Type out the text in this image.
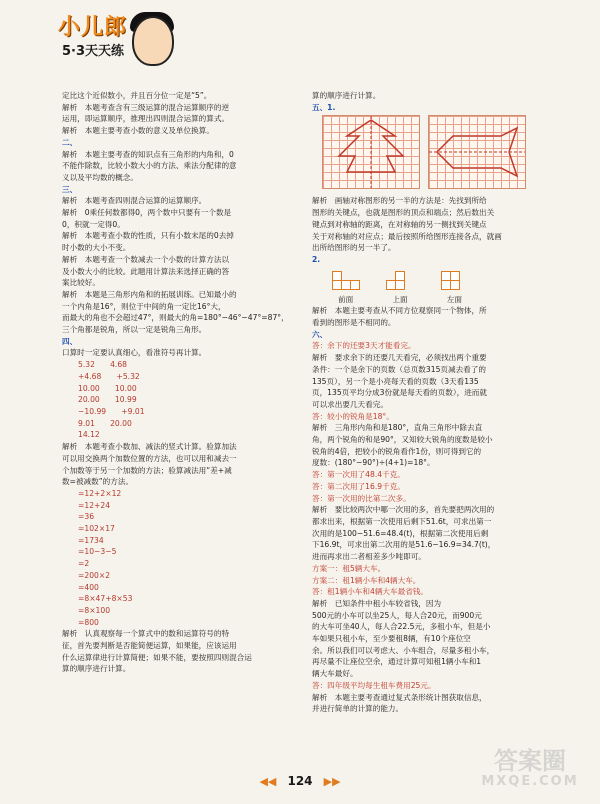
小儿郎
5·3天天练
定比这个近似数小，并且百分位一定是“5”。
解析　本题考查含有三级运算的混合运算顺序的逆
运用，即运算顺序，推理出四则混合运算的算式。
解析　本题主要考查小数的意义及单位换算。
二、
解析　本题主要考查的知识点有三角形的内角和，0
不能作除数，比较小数大小的方法、乘法分配律的意
义以及平均数的概念。
三、
解析　本题考查四则混合运算的运算顺序。
解析　0乘任何数都得0，两个数中只要有一个数是
0，积就一定得0。
解析　本题考查小数的性质，只有小数末尾的0去掉
时小数的大小不变。
解析　本题考查一个数减去一个小数的计算方法以
及小数大小的比较。此题用计算法来选择正确的答
案比较好。
解析　本题是三角形内角和的拓展训练。已知最小的
一个内角是16°，则位于中间的角一定比16°大，
而最大的角也不会超过47°，则最大的角=180°−46°−47°=87°，
三个角都是锐角，所以一定是锐角三角形。
四、
口算时一定要认真细心，看准符号再计算。
5.32　　4.68
+4.68　　+5.32
10.00　　10.00
20.00　　10.99
−10.99　　+9.01
9.01　　20.00
14.12
解析　本题考查小数加、减法的竖式计算。验算加法
可以用交换两个加数位置的方法，也可以用和减去一
个加数等于另一个加数的方法；验算减法用“差+减
数=被减数”的方法。
=12+2×12
=12+24
=36
=102×17
=1734
=10−3−5
=2
=200×2
=400
=8×47+8×53
=8×100
=800
解析　认真观察每一个算式中的数和运算符号的特
征，首先要判断是否能简便运算，如果能，应该运用
什么运算律进行计算简便；如果不能，要按照四则混合运
算的顺序进行计算。
算的顺序进行计算。
五、1.

解析　画轴对称图形的另一半的方法是：先找到所给
图形的关键点，也就是图形的顶点和端点；然后数出关
键点到对称轴的距离，在对称轴的另一侧找到关键点
关于对称轴的对应点；最后按照所给图形连接各点，就画
出所给图形的另一半了。
2.

前面	上面	左面
解析　本题主要考查从不同方位观察同一个物体，所
看到的图形是不相同的。
六、
答：余下的还要3天才能看完。
解析　要求余下的还要几天看完，必须找出两个重要
条件：一个是余下的页数（总页数315页减去看了的
135页），另一个是小亮每天看的页数（3天看135
页，135页平均分成3份就是每天看的页数），进而就
可以求出要几天看完。
答：较小的锐角是18°。
解析　三角形内角和是180°，直角三角形中除去直
角，两个锐角的和是90°，又知较大锐角的度数是较小
锐角的4倍，把较小的锐角看作1份，则可得到它的
度数：(180°−90°)÷(4+1)=18°。
答：第一次用了48.4千克。
答：第二次用了16.9千克。
答：第一次用的比第二次多。
解析　要比较两次中哪一次用的多，首先要把两次用的
都求出来，根据第一次使用后剩下51.6t，可求出第一
次用的是100−51.6=48.4(t)，根据第二次使用后剩
下16.9t，可求出第二次用的是51.6−16.9=34.7(t)，
进而再求出二者相差多少吨即可。
方案一：租5辆大车。
方案二：租1辆小车和4辆大车。
答：租1辆小车和4辆大车最省钱。
解析　已知条件中租小车较省钱，因为
500元的小车可以坐25人，每人合20元，而900元
的大车可坐40人，每人合22.5元，多租小车，但是小
车如果只租小车，至少要租8辆，有10个座位空
余。所以我们可以考虑大、小车组合，尽量多租小车，
再尽量不让座位空余，通过计算可知租1辆小车和1
辆大车最好。
答：四年级平均每生租车费用25元。
解析　本题主要考查通过复式条形统计图获取信息，
并进行简单的计算的能力。
◀◀ 124 ▶▶
答案圈
MXQE.COM
